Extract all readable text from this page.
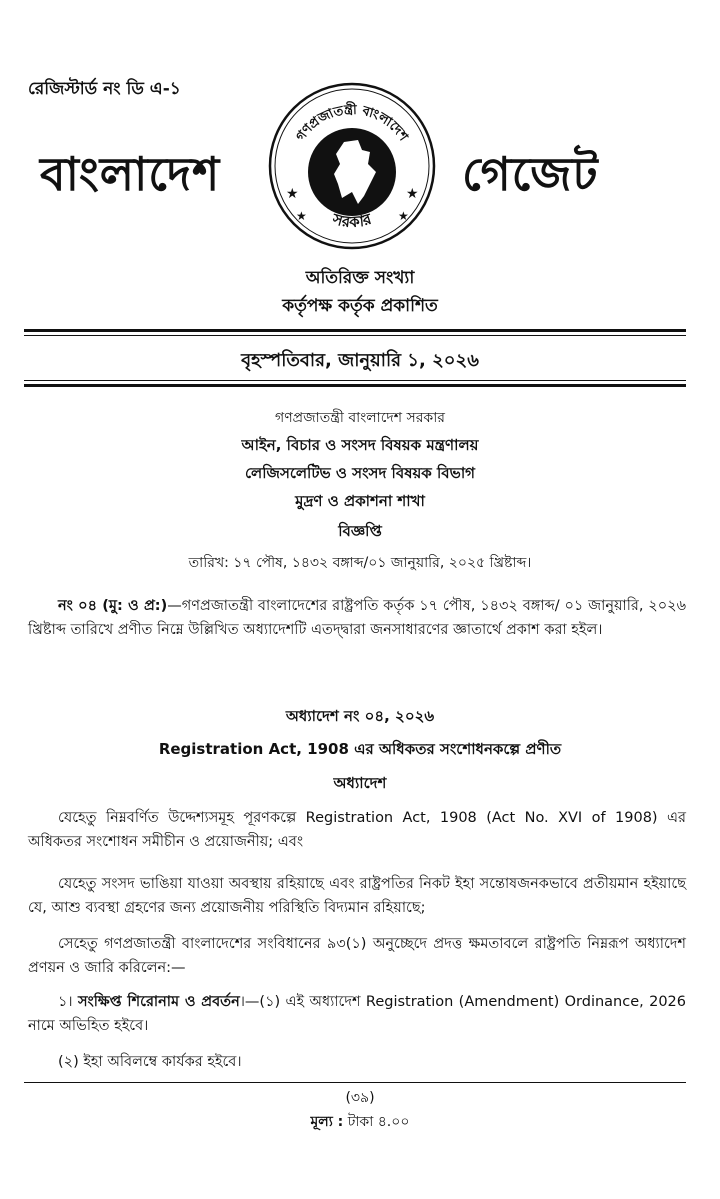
রেজিস্টার্ড নং ডি এ-১
বাংলাদেশ
গণপ্রজাতন্ত্রী বাংলাদেশ
সরকার
★	★
★	★
গেজেট
অতিরিক্ত সংখ্যা
কর্তৃপক্ষ কর্তৃক প্রকাশিত
বৃহস্পতিবার, জানুয়ারি ১, ২০২৬
গণপ্রজাতন্ত্রী বাংলাদেশ সরকার
আইন, বিচার ও সংসদ বিষয়ক মন্ত্রণালয়
লেজিসলেটিভ ও সংসদ বিষয়ক বিভাগ
মুদ্রণ ও প্রকাশনা শাখা
বিজ্ঞপ্তি
তারিখ: ১৭ পৌষ, ১৪৩২ বঙ্গাব্দ/০১ জানুয়ারি, ২০২৫ খ্রিষ্টাব্দ।
নং ০৪ (মু: ও প্র:)—গণপ্রজাতন্ত্রী বাংলাদেশের রাষ্ট্রপতি কর্তৃক ১৭ পৌষ, ১৪৩২ বঙ্গাব্দ/ ০১ জানুয়ারি, ২০২৬ খ্রিষ্টাব্দ তারিখে প্রণীত নিম্নে উল্লিখিত অধ্যাদেশটি এতদ্দ্বারা জনসাধারণের জ্ঞাতার্থে প্রকাশ করা হইল।
অধ্যাদেশ নং ০৪, ২০২৬
Registration Act, 1908 এর অধিকতর সংশোধনকল্পে প্রণীত
অধ্যাদেশ
যেহেতু নিম্নবর্ণিত উদ্দেশ্যসমূহ পূরণকল্পে Registration Act, 1908 (Act No. XVI of 1908) এর অধিকতর সংশোধন সমীচীন ও প্রয়োজনীয়; এবং
যেহেতু সংসদ ভাঙিয়া যাওয়া অবস্থায় রহিয়াছে এবং রাষ্ট্রপতির নিকট ইহা সন্তোষজনকভাবে প্রতীয়মান হইয়াছে যে, আশু ব্যবস্থা গ্রহণের জন্য প্রয়োজনীয় পরিস্থিতি বিদ্যমান রহিয়াছে;
সেহেতু গণপ্রজাতন্ত্রী বাংলাদেশের সংবিধানের ৯৩(১) অনুচ্ছেদে প্রদত্ত ক্ষমতাবলে রাষ্ট্রপতি নিম্নরূপ অধ্যাদেশ প্রণয়ন ও জারি করিলেন:—
১। সংক্ষিপ্ত শিরোনাম ও প্রবর্তন।—(১) এই অধ্যাদেশ Registration (Amendment) Ordinance, 2026 নামে অভিহিত হইবে।
(২) ইহা অবিলম্বে কার্যকর হইবে।
(৩৯)
মূল্য : টাকা ৪.০০
